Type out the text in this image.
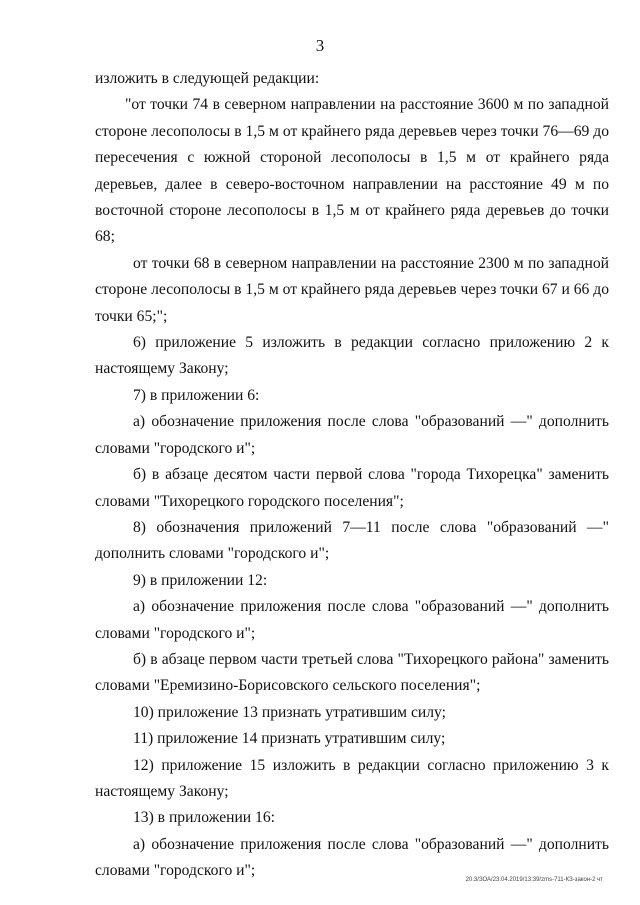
3

изложить в следующей редакции:

"от точки 74 в северном направлении на расстояние 3600 м по западной стороне лесополосы в 1,5 м от крайнего ряда деревьев через точки 76—69 до пересечения с южной стороной лесополосы в 1,5 м от крайнего ряда деревьев, далее в северо-восточном направлении на расстояние 49 м по восточной стороне лесополосы в 1,5 м от крайнего ряда деревьев до точки 68;

от точки 68 в северном направлении на расстояние 2300 м по западной стороне лесополосы в 1,5 м от крайнего ряда деревьев через точки 67 и 66 до точки 65;";

6) приложение 5 изложить в редакции согласно приложению 2 к настоящему Закону;

7) в приложении 6:

а) обозначение приложения после слова "образований —" дополнить словами "городского и";

б) в абзаце десятом части первой слова "города Тихорецка" заменить словами "Тихорецкого городского поселения";

8) обозначения приложений 7—11 после слова "образований —" дополнить словами "городского и";

9) в приложении 12:

а) обозначение приложения после слова "образований —" дополнить словами "городского и";

б) в абзаце первом части третьей слова "Тихорецкого района" заменить словами "Еремизино-Борисовского сельского поселения";

10) приложение 13 признать утратившим силу;

11) приложение 14 признать утратившим силу;

12) приложение 15 изложить в редакции согласно приложению 3 к настоящему Закону;

13) в приложении 16:

а) обозначение приложения после слова "образований —" дополнить словами "городского и";

20.3/ЗОА/23.04.2019/13:39/zms-711-КЗ-закон-2 чт
